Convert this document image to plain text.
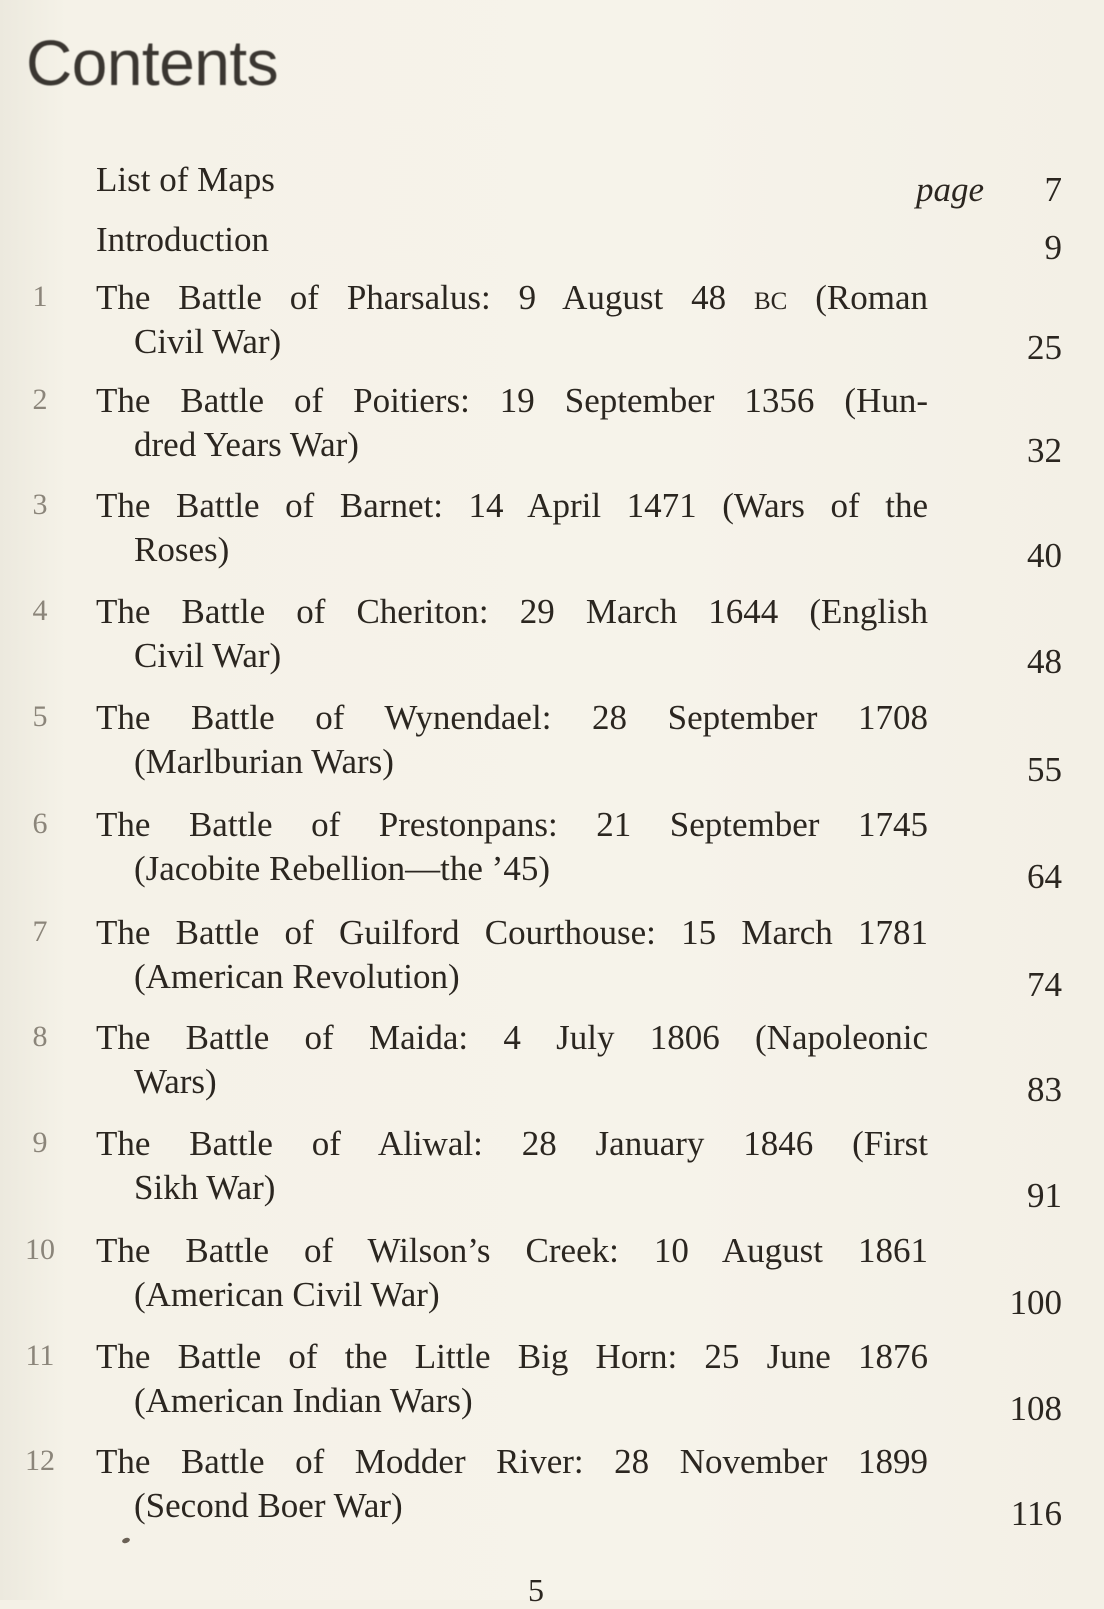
Contents
List of Maps	page 7
Introduction	9
1	The Battle of Pharsalus: 9 August 48 bc (Roman
Civil War)	25
2	The Battle of Poitiers: 19 September 1356 (Hun-
dred Years War)	32
3	The Battle of Barnet: 14 April 1471 (Wars of the
Roses)	40
4	The Battle of Cheriton: 29 March 1644 (English
Civil War)	48
5	The Battle of Wynendael: 28 September 1708
(Marlburian Wars)	55
6	The Battle of Prestonpans: 21 September 1745
(Jacobite Rebellion—the ’45)	64
7	The Battle of Guilford Courthouse: 15 March 1781
(American Revolution)	74
8	The Battle of Maida: 4 July 1806 (Napoleonic
Wars)	83
9	The Battle of Aliwal: 28 January 1846 (First
Sikh War)	91
10 The Battle of Wilson’s Creek: 10 August 1861
(American Civil War)	100
11 The Battle of the Little Big Horn: 25 June 1876
(American Indian Wars)	108
12 The Battle of Modder River: 28 November 1899
(Second Boer War)	116
5
